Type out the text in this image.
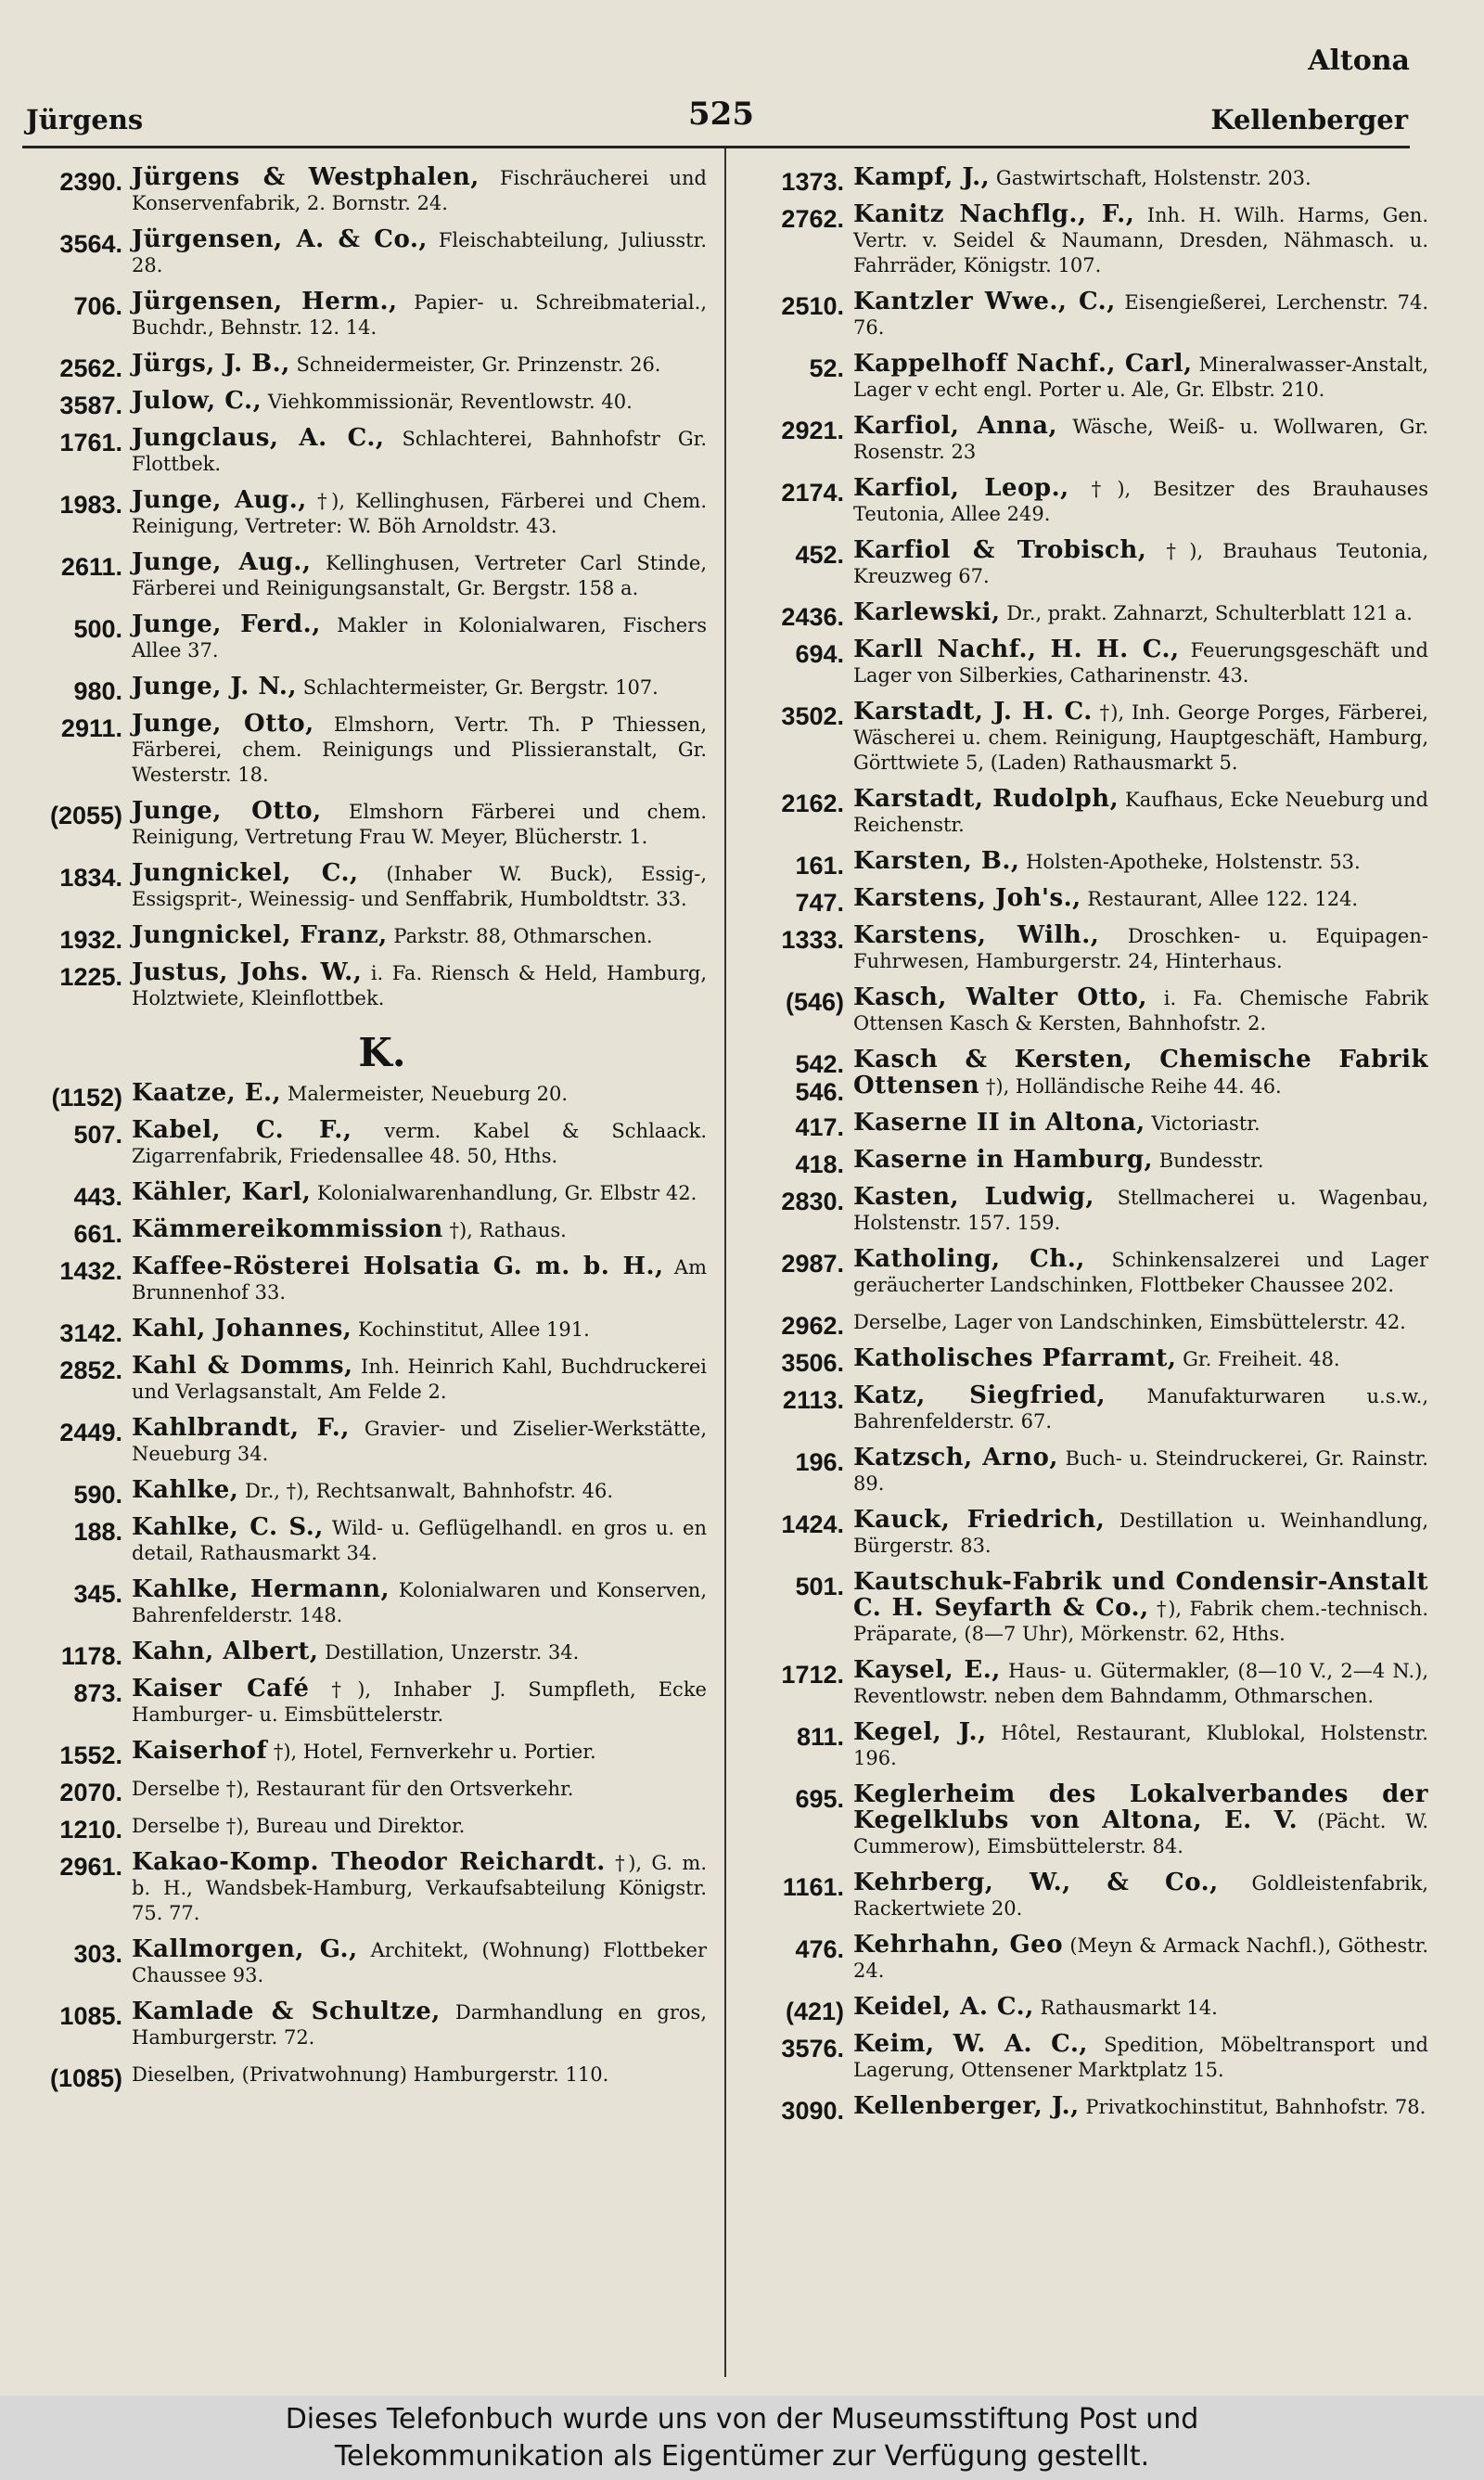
Altona
Jürgens	525	Kellenberger
2390. Jürgens & Westphalen, Fischräucherei und Konservenfabrik, 2. Bornstr. 24.
3564. Jürgensen, A. & Co., Fleischabteilung, Juliusstr. 28.
706. Jürgensen, Herm., Papier- u. Schreibmaterial., Buchdr., Behnstr. 12. 14.
2562. Jürgs, J. B., Schneidermeister, Gr. Prinzenstr. 26.
3587. Julow, C., Viehkommissionär, Reventlowstr. 40.
1761. Jungclaus, A. C., Schlachterei, Bahnhofstr Gr. Flottbek.
1983. Junge, Aug., †), Kellinghusen, Färberei und Chem. Reinigung, Vertreter: W. Böh Arnoldstr. 43.
2611. Junge, Aug., Kellinghusen, Vertreter Carl Stinde, Färberei und Reinigungsanstalt, Gr. Bergstr. 158 a.
500. Junge, Ferd., Makler in Kolonialwaren, Fischers Allee 37.
980. Junge, J. N., Schlachtermeister, Gr. Bergstr. 107.
2911. Junge, Otto, Elmshorn, Vertr. Th. P Thiessen, Färberei, chem. Reinigungs und Plissieranstalt, Gr. Westerstr. 18.
(2055) Junge, Otto, Elmshorn Färberei und chem. Reinigung, Vertretung Frau W. Meyer, Blücherstr. 1.
1834. Jungnickel, C., (Inhaber W. Buck), Essig-, Essigsprit-, Weinessig- und Senffabrik, Humboldtstr. 33.
1932. Jungnickel, Franz, Parkstr. 88, Othmarschen.
1225. Justus, Johs. W., i. Fa. Riensch & Held, Hamburg, Holztwiete, Kleinflottbek.
K.
(1152) Kaatze, E., Malermeister, Neueburg 20.
507. Kabel, C. F., verm. Kabel & Schlaack. Zigarrenfabrik, Friedensallee 48. 50, Hths.
443. Kähler, Karl, Kolonialwarenhandlung, Gr. Elbstr 42.
661. Kämmereikommission †), Rathaus.
1432. Kaffee-Rösterei Holsatia G. m. b. H., Am Brunnenhof 33.
3142. Kahl, Johannes, Kochinstitut, Allee 191.
2852. Kahl & Domms, Inh. Heinrich Kahl, Buchdruckerei und Verlagsanstalt, Am Felde 2.
2449. Kahlbrandt, F., Gravier- und Ziselier-Werkstätte, Neueburg 34.
590. Kahlke, Dr., †), Rechtsanwalt, Bahnhofstr. 46.
188. Kahlke, C. S., Wild- u. Geflügelhandl. en gros u. en detail, Rathausmarkt 34.
345. Kahlke, Hermann, Kolonialwaren und Konserven, Bahrenfelderstr. 148.
1178. Kahn, Albert, Destillation, Unzerstr. 34.
873. Kaiser Café †), Inhaber J. Sumpfleth, Ecke Hamburger- u. Eimsbüttelerstr.
1552. Kaiserhof †), Hotel, Fernverkehr u. Portier.
2070. Derselbe †), Restaurant für den Ortsverkehr.
1210. Derselbe †), Bureau und Direktor.
2961. Kakao-Komp. Theodor Reichardt. †), G. m. b. H., Wandsbek-Hamburg, Verkaufsabteilung Königstr. 75. 77.
303. Kallmorgen, G., Architekt, (Wohnung) Flottbeker Chaussee 93.
1085. Kamlade & Schultze, Darmhandlung en gros, Hamburgerstr. 72.
(1085) Dieselben, (Privatwohnung) Hamburgerstr. 110.
1373. Kampf, J., Gastwirtschaft, Holstenstr. 203.
2762. Kanitz Nachflg., F., Inh. H. Wilh. Harms, Gen. Vertr. v. Seidel & Naumann, Dresden, Nähmasch. u. Fahrräder, Königstr. 107.
2510. Kantzler Wwe., C., Eisengießerei, Lerchenstr. 74. 76.
52. Kappelhoff Nachf., Carl, Mineralwasser-Anstalt, Lager v echt engl. Porter u. Ale, Gr. Elbstr. 210.
2921. Karfiol, Anna, Wäsche, Weiß- u. Wollwaren, Gr. Rosenstr. 23
2174. Karfiol, Leop., †), Besitzer des Brauhauses Teutonia, Allee 249.
452. Karfiol & Trobisch, †), Brauhaus Teutonia, Kreuzweg 67.
2436. Karlewski, Dr., prakt. Zahnarzt, Schulterblatt 121 a.
694. Karll Nachf., H. H. C., Feuerungsgeschäft und Lager von Silberkies, Catharinenstr. 43.
3502. Karstadt, J. H. C. †), Inh. George Porges, Färberei, Wäscherei u. chem. Reinigung, Hauptgeschäft, Hamburg, Görttwiete 5, (Laden) Rathausmarkt 5.
2162. Karstadt, Rudolph, Kaufhaus, Ecke Neueburg und Reichenstr.
161. Karsten, B., Holsten-Apotheke, Holstenstr. 53.
747. Karstens, Joh's., Restaurant, Allee 122. 124.
1333. Karstens, Wilh., Droschken- u. Equipagen-Fuhrwesen, Hamburgerstr. 24, Hinterhaus.
(546) Kasch, Walter Otto, i. Fa. Chemische Fabrik Ottensen Kasch & Kersten, Bahnhofstr. 2.
542. 546.
Kasch & Kersten, Chemische Fabrik Ottensen †), Holländische Reihe 44. 46.
417. Kaserne II in Altona, Victoriastr.
418. Kaserne in Hamburg, Bundesstr.
2830. Kasten, Ludwig, Stellmacherei u. Wagenbau, Holstenstr. 157. 159.
2987. Katholing, Ch., Schinkensalzerei und Lager geräucherter Landschinken, Flottbeker Chaussee 202.
2962. Derselbe, Lager von Landschinken, Eimsbüttelerstr. 42.
3506. Katholisches Pfarramt, Gr. Freiheit. 48.
2113. Katz, Siegfried, Manufakturwaren u.s.w., Bahrenfelderstr. 67.
196. Katzsch, Arno, Buch- u. Steindruckerei, Gr. Rainstr. 89.
1424. Kauck, Friedrich, Destillation u. Weinhandlung, Bürgerstr. 83.
501. Kautschuk-Fabrik und Condensir-Anstalt C. H. Seyfarth & Co., †), Fabrik chem.-technisch. Präparate, (8—7 Uhr), Mörkenstr. 62, Hths.
1712. Kaysel, E., Haus- u. Gütermakler, (8—10 V., 2—4 N.), Reventlowstr. neben dem Bahndamm, Othmarschen.
811. Kegel, J., Hôtel, Restaurant, Klublokal, Holstenstr. 196.
695. Keglerheim des Lokalverbandes der Kegelklubs von Altona, E. V. (Pächt. W. Cummerow), Eimsbüttelerstr. 84.
1161. Kehrberg, W., & Co., Goldleistenfabrik, Rackertwiete 20.
476. Kehrhahn, Geo (Meyn & Armack Nachfl.), Göthestr. 24.
(421) Keidel, A. C., Rathausmarkt 14.
3576. Keim, W. A. C., Spedition, Möbeltransport und Lagerung, Ottensener Marktplatz 15.
3090. Kellenberger, J., Privatkochinstitut, Bahnhofstr. 78.
Dieses Telefonbuch wurde uns von der Museumsstiftung Post und
Telekommunikation als Eigentümer zur Verfügung gestellt.
